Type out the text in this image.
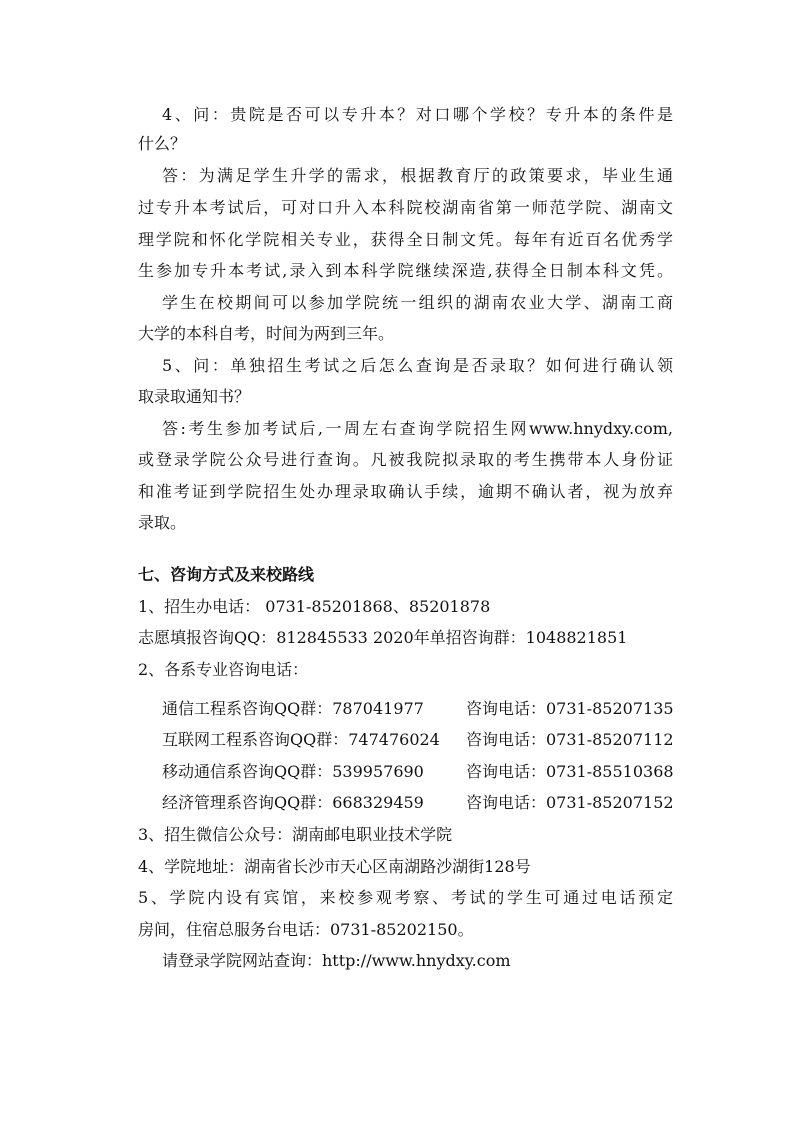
4、问：贵院是否可以专升本？对口哪个学校？专升本的条件是
什么？
答：为满足学生升学的需求，根据教育厅的政策要求，毕业生通
过专升本考试后，可对口升入本科院校湖南省第一师范学院、湖南文
理学院和怀化学院相关专业，获得全日制文凭。每年有近百名优秀学
生参加专升本考试,录入到本科学院继续深造,获得全日制本科文凭。
学生在校期间可以参加学院统一组织的湖南农业大学、湖南工商
大学的本科自考，时间为两到三年。
5、问：单独招生考试之后怎么查询是否录取？如何进行确认领
取录取通知书？
答:考生参加考试后,一周左右查询学院招生网www.hnydxy.com,
或登录学院公众号进行查询。凡被我院拟录取的考生携带本人身份证
和准考证到学院招生处办理录取确认手续，逾期不确认者，视为放弃
录取。
七、咨询方式及来校路线
1、招生办电话： 0731-85201868、85201878
志愿填报咨询QQ：812845533 2020年单招咨询群：1048821851
2、各系专业咨询电话：
通信工程系咨询QQ群：787041977	咨询电话：0731-85207135
互联网工程系咨询QQ群：747476024 咨询电话：0731-85207112
移动通信系咨询QQ群：539957690	咨询电话：0731-85510368
经济管理系咨询QQ群：668329459	咨询电话：0731-85207152
3、招生微信公众号：湖南邮电职业技术学院
4、学院地址：湖南省长沙市天心区南湖路沙湖街128号
5、学院内设有宾馆，来校参观考察、考试的学生可通过电话预定
房间，住宿总服务台电话：0731-85202150。
请登录学院网站查询：http://www.hnydxy.com
